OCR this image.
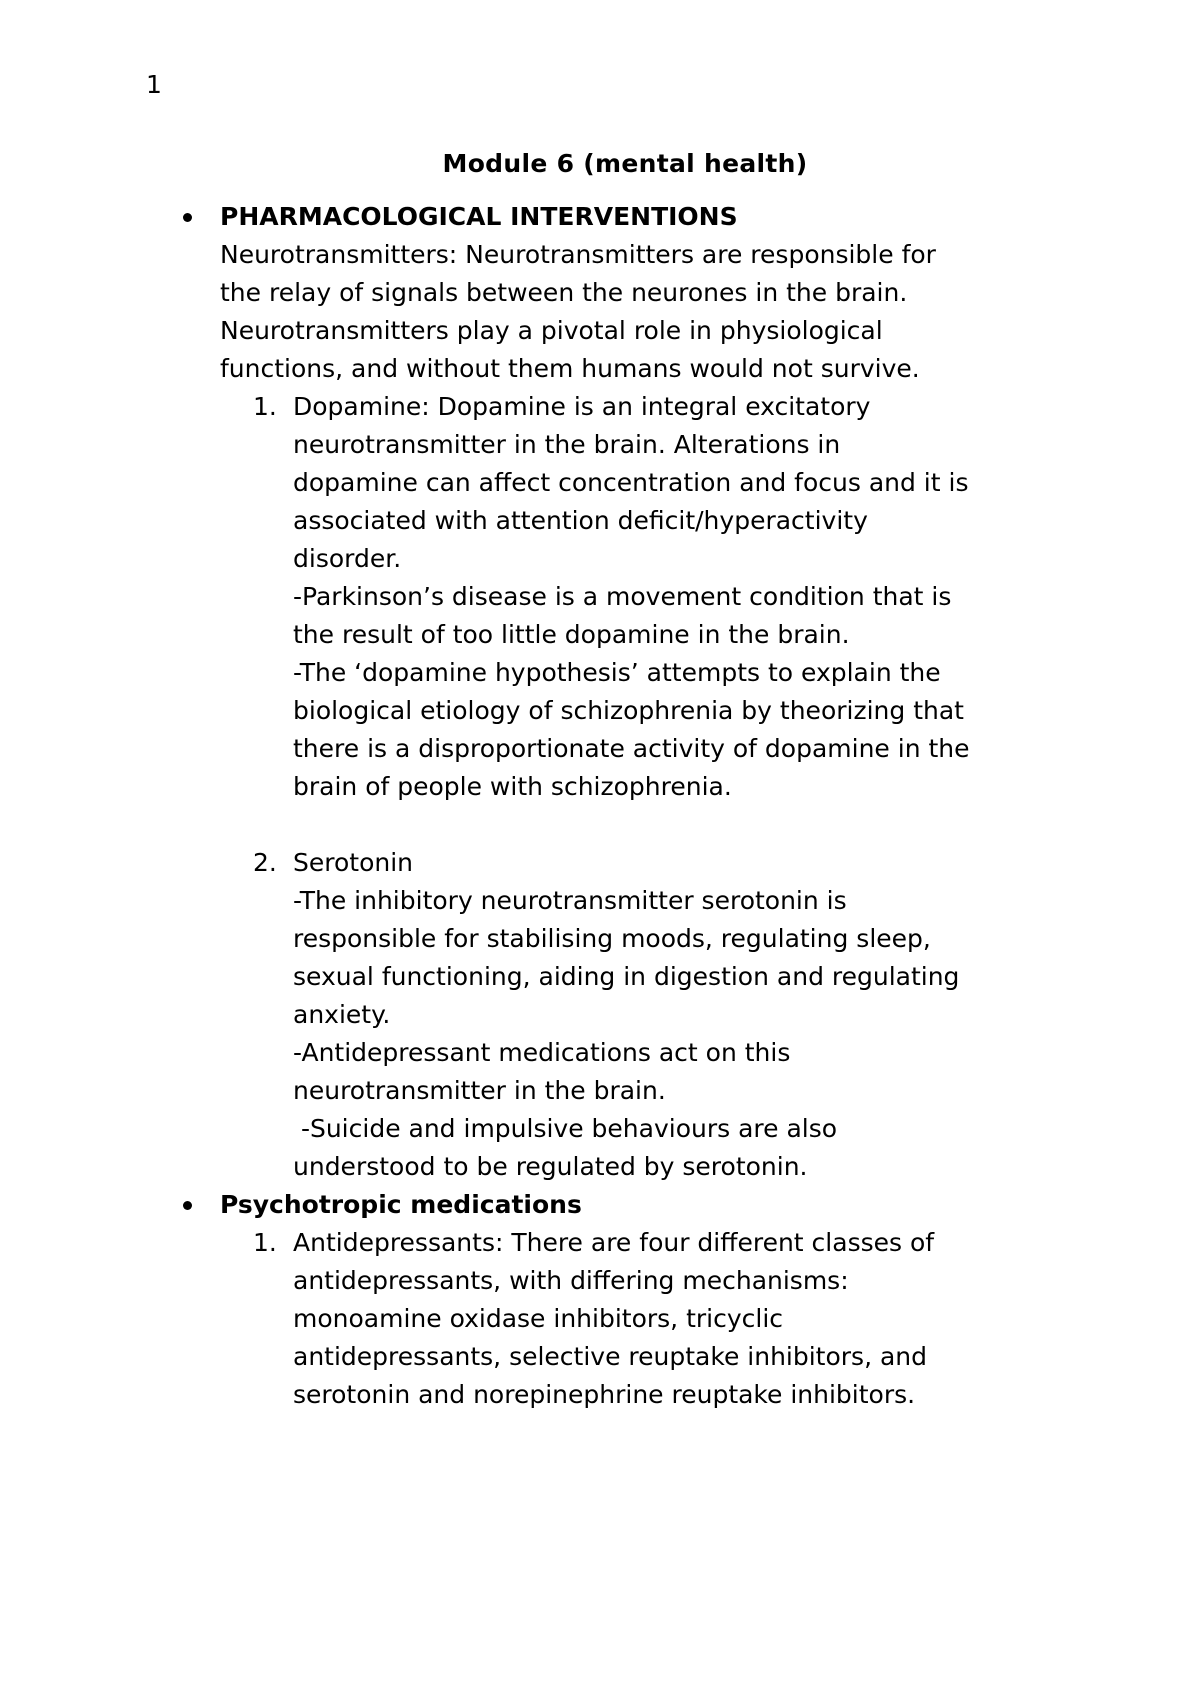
1
Module 6 (mental health)
PHARMACOLOGICAL INTERVENTIONS
Neurotransmitters: Neurotransmitters are responsible for
the relay of signals between the neurones in the brain.
Neurotransmitters play a pivotal role in physiological
functions, and without them humans would not survive.
1. Dopamine: Dopamine is an integral excitatory
neurotransmitter in the brain. Alterations in
dopamine can affect concentration and focus and it is
associated with attention deficit/hyperactivity
disorder.
-Parkinson’s disease is a movement condition that is
the result of too little dopamine in the brain.
-The ‘dopamine hypothesis’ attempts to explain the
biological etiology of schizophrenia by theorizing that
there is a disproportionate activity of dopamine in the
brain of people with schizophrenia.
2. Serotonin
-The inhibitory neurotransmitter serotonin is
responsible for stabilising moods, regulating sleep,
sexual functioning, aiding in digestion and regulating
anxiety.
-Antidepressant medications act on this
neurotransmitter in the brain.
-Suicide and impulsive behaviours are also
understood to be regulated by serotonin.
Psychotropic medications
1. Antidepressants: There are four different classes of
antidepressants, with differing mechanisms:
monoamine oxidase inhibitors, tricyclic
antidepressants, selective reuptake inhibitors, and
serotonin and norepinephrine reuptake inhibitors.
